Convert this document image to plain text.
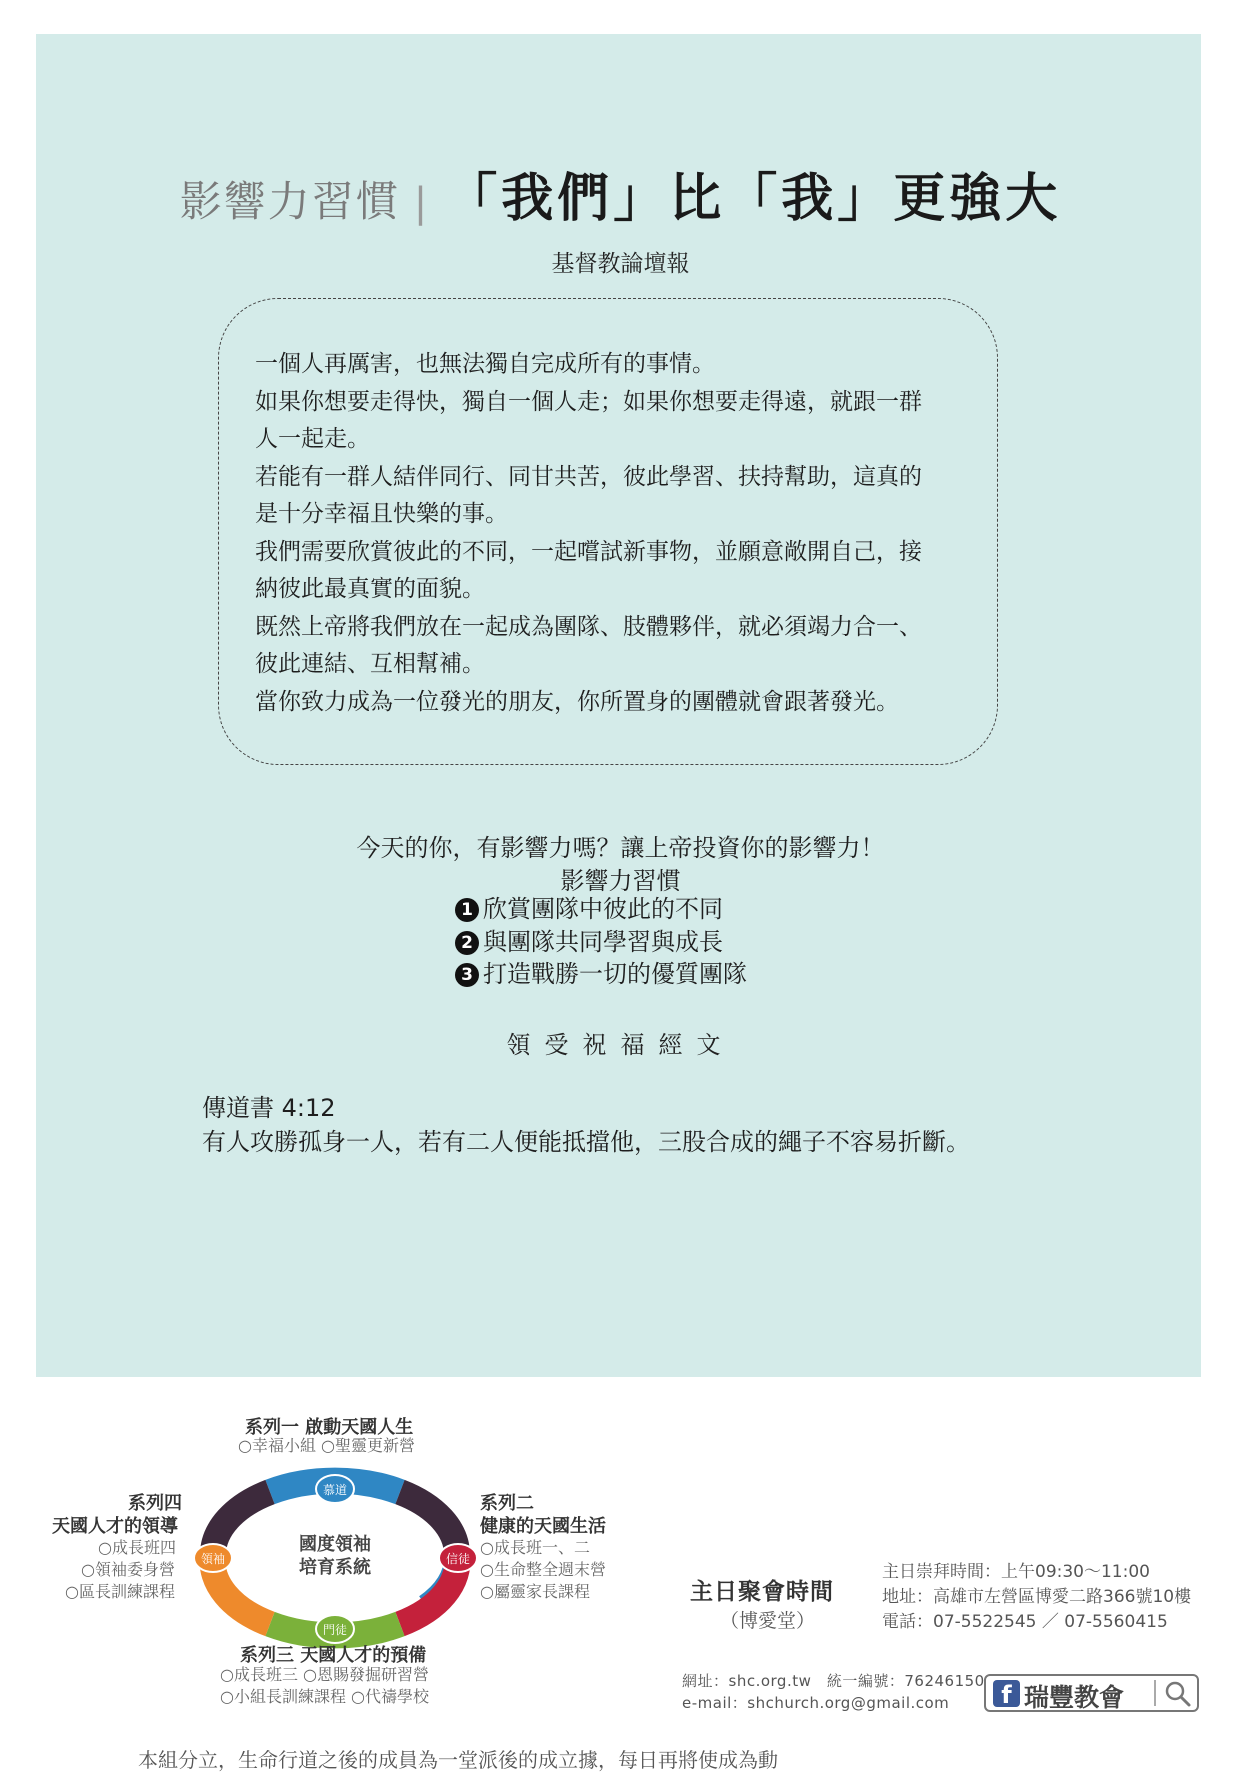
影響力習慣 | 「我們」比「我」更強大
基督教論壇報
一個人再厲害，也無法獨自完成所有的事情。
如果你想要走得快，獨自一個人走；如果你想要走得遠，就跟一群
人一起走。
若能有一群人結伴同行、同甘共苦，彼此學習、扶持幫助，這真的
是十分幸福且快樂的事。
我們需要欣賞彼此的不同，一起嚐試新事物，並願意敞開自己，接
納彼此最真實的面貌。
既然上帝將我們放在一起成為團隊、肢體夥伴，就必須竭力合一、
彼此連結、互相幫補。
當你致力成為一位發光的朋友，你所置身的團體就會跟著發光。
今天的你，有影響力嗎？讓上帝投資你的影響力！
影響力習慣
1 欣賞團隊中彼此的不同
2 與團隊共同學習與成長
3 打造戰勝一切的優質團隊
領受祝福經文
傳道書 4:12
有人攻勝孤身一人，若有二人便能抵擋他，三股合成的繩子不容易折斷。
慕道
信徒
門徒
領袖
國度領袖
培育系統
系列一 啟動天國人生
○幸福小組 ○聖靈更新營
系列二
健康的天國生活
○成長班一、二
○生命整全週末營
○屬靈家長課程
系列三 天國人才的預備
○成長班三 ○恩賜發掘研習營
○小組長訓練課程 ○代禱學校
系列四
天國人才的領導
○成長班四
○領袖委身營
○區長訓練課程	主日聚會時間
（博愛堂）
主日崇拜時間：上午09:30～11:00
地址：高雄市左營區博愛二路366號10樓
電話：07-5522545 ／ 07-5560415
網址：shc.org.tw　統一編號：76246150
e-mail：shchurch.org@gmail.com	f 瑞豐教會
本組分立，生命行道之後的成員為一堂派後的成立據，每日再將使成為動
